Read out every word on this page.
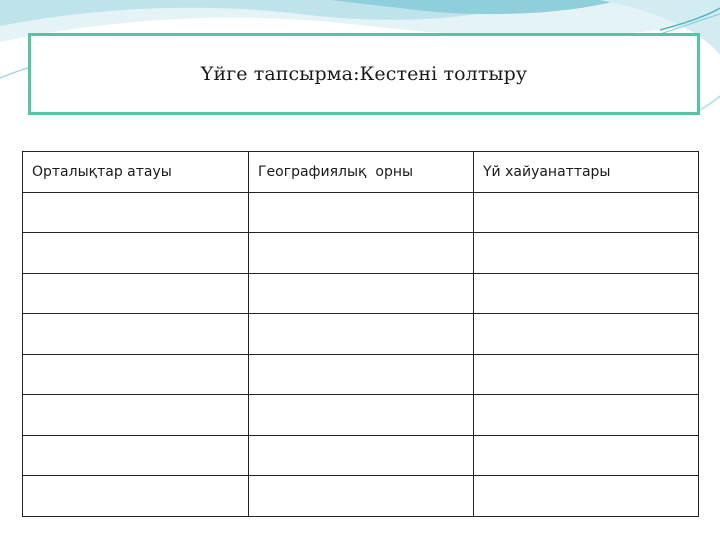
Үйге тапсырма:Кестені толтыру
Орталықтар атауы	Географиялық  орны	Үй хайуанаттары
